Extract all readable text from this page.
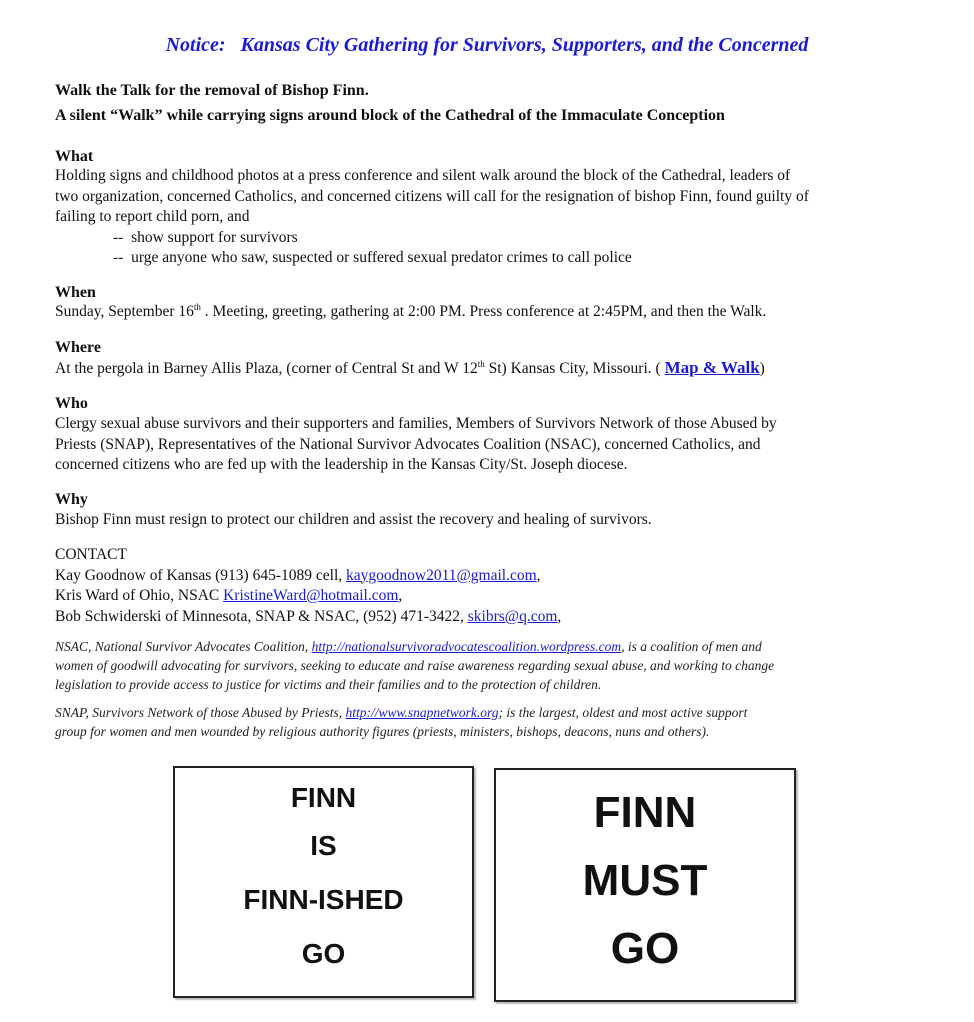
Notice:   Kansas City Gathering for Survivors, Supporters, and the Concerned
Walk the Talk for the removal of Bishop Finn.
A silent “Walk” while carrying signs around block of the Cathedral of the Immaculate Conception
What
Holding signs and childhood photos at a press conference and silent walk around the block of the Cathedral, leaders of
two organization, concerned Catholics, and concerned citizens will call for the resignation of bishop Finn, found guilty of
failing to report child porn, and
--  show support for survivors
--  urge anyone who saw, suspected or suffered sexual predator crimes to call police
When
Sunday, September 16th . Meeting, greeting, gathering at 2:00 PM. Press conference at 2:45PM, and then the Walk.
Where
At the pergola in Barney Allis Plaza, (corner of Central St and W 12th St) Kansas City, Missouri. ( Map & Walk)
Who
Clergy sexual abuse survivors and their supporters and families, Members of Survivors Network of those Abused by
Priests (SNAP), Representatives of the National Survivor Advocates Coalition (NSAC), concerned Catholics, and
concerned citizens who are fed up with the leadership in the Kansas City/St. Joseph diocese.
Why
Bishop Finn must resign to protect our children and assist the recovery and healing of survivors.
CONTACT
Kay Goodnow of Kansas (913) 645-1089 cell, kaygoodnow2011@gmail.com,
Kris Ward of Ohio, NSAC KristineWard@hotmail.com,
Bob Schwiderski of Minnesota, SNAP & NSAC, (952) 471-3422, skibrs@q.com,
NSAC, National Survivor Advocates Coalition, http://nationalsurvivoradvocatescoalition.wordpress.com, is a coalition of men and
women of goodwill advocating for survivors, seeking to educate and raise awareness regarding sexual abuse, and working to change
legislation to provide access to justice for victims and their families and to the protection of children.
SNAP, Survivors Network of those Abused by Priests, http://www.snapnetwork.org; is the largest, oldest and most active support
group for women and men wounded by religious authority figures (priests, ministers, bishops, deacons, nuns and others).
FINN
IS
FINN-ISHED
GO
FINN
MUST
GO
